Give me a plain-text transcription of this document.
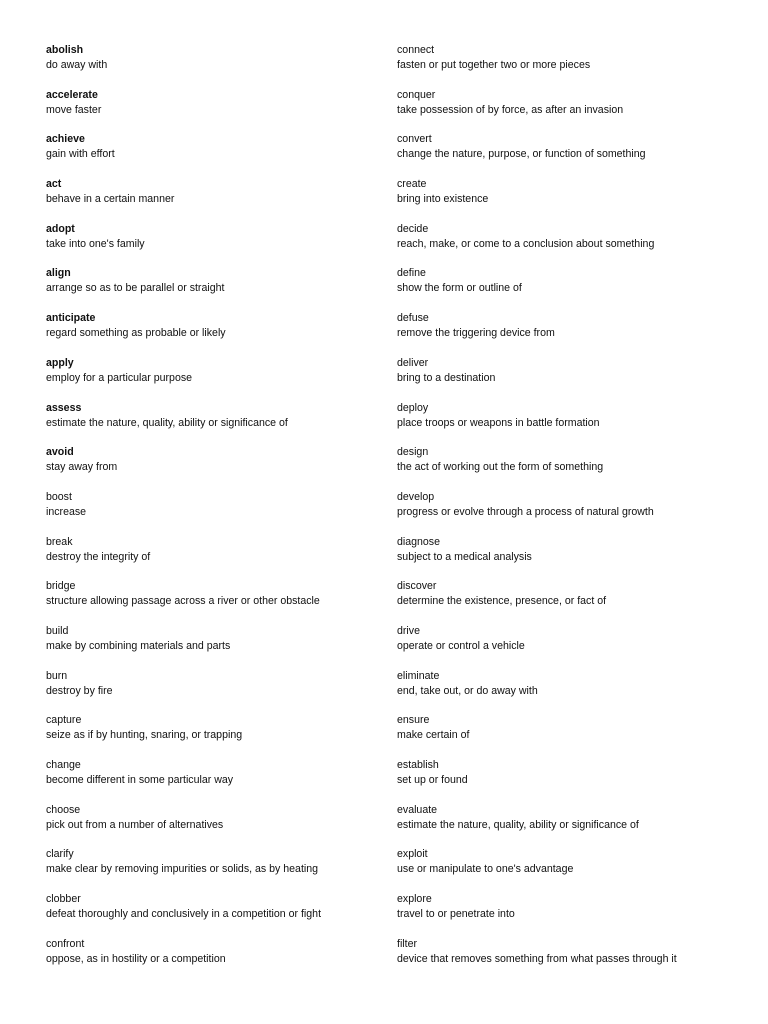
abolish
do away with
accelerate
move faster
achieve
gain with effort
act
behave in a certain manner
adopt
take into one's family
align
arrange so as to be parallel or straight
anticipate
regard something as probable or likely
apply
employ for a particular purpose
assess
estimate the nature, quality, ability or significance of
avoid
stay away from
boost
increase
break
destroy the integrity of
bridge
structure allowing passage across a river or other obstacle
build
make by combining materials and parts
burn
destroy by fire
capture
seize as if by hunting, snaring, or trapping
change
become different in some particular way
choose
pick out from a number of alternatives
clarify
make clear by removing impurities or solids, as by heating
clobber
defeat thoroughly and conclusively in a competition or fight
confront
oppose, as in hostility or a competition
connect
fasten or put together two or more pieces
conquer
take possession of by force, as after an invasion
convert
change the nature, purpose, or function of something
create
bring into existence
decide
reach, make, or come to a conclusion about something
define
show the form or outline of
defuse
remove the triggering device from
deliver
bring to a destination
deploy
place troops or weapons in battle formation
design
the act of working out the form of something
develop
progress or evolve through a process of natural growth
diagnose
subject to a medical analysis
discover
determine the existence, presence, or fact of
drive
operate or control a vehicle
eliminate
end, take out, or do away with
ensure
make certain of
establish
set up or found
evaluate
estimate the nature, quality, ability or significance of
exploit
use or manipulate to one's advantage
explore
travel to or penetrate into
filter
device that removes something from what passes through it
